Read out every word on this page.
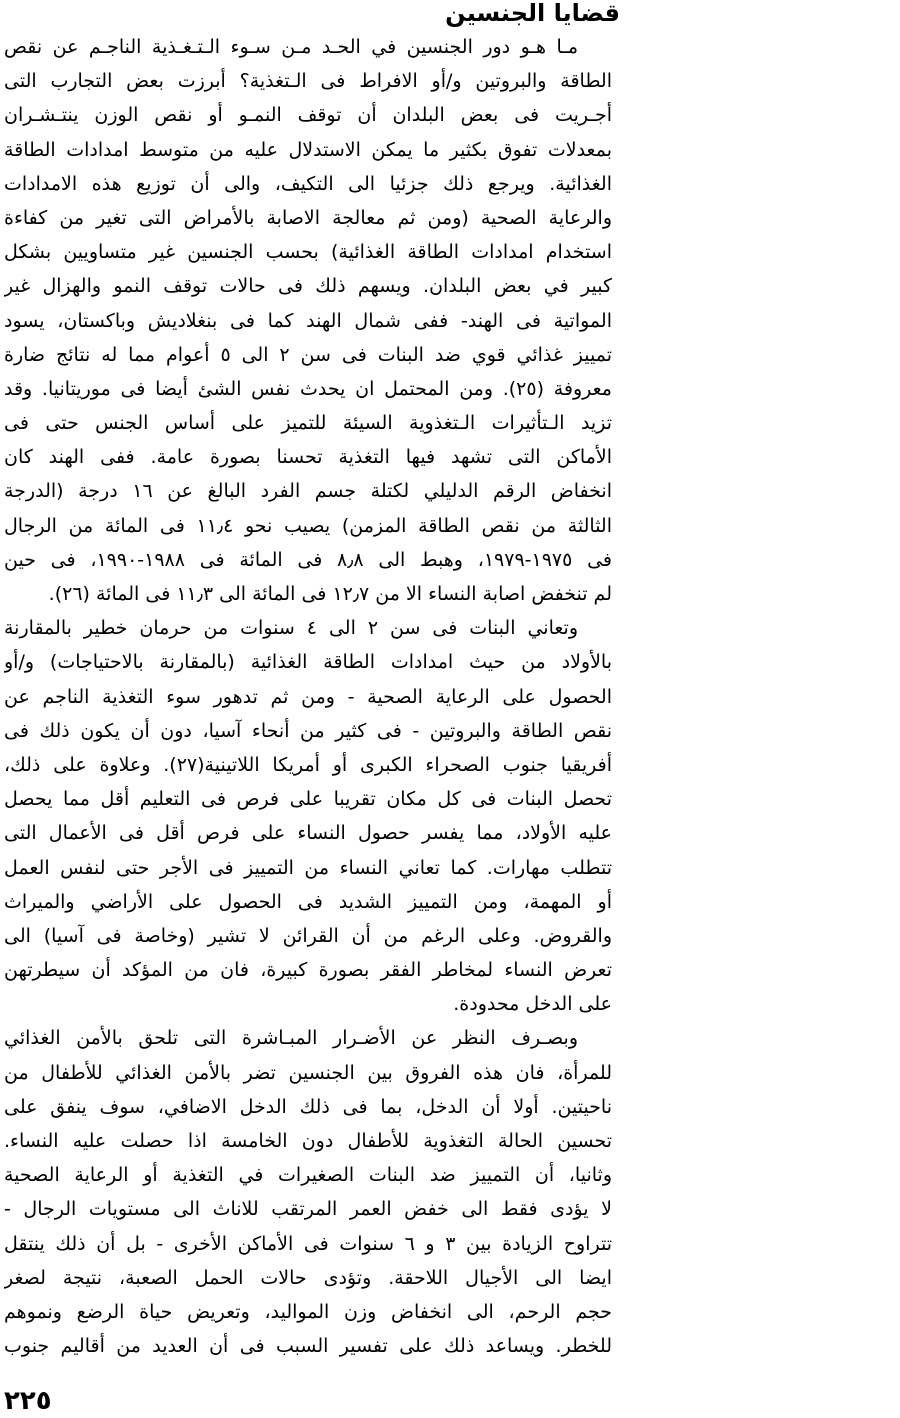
قضايا الجنسين
مـا هـو دور الجنسين في الحـد مـن سـوء الـتـغـذية الناجـم عن نقص
الطاقة والبروتين و/أو الافراط فى الـتغذية؟ أبرزت بعض التجارب التى
أجـريت فى بعض البلدان أن توقف النمـو أو نقص الوزن ينتـشـران
بمعدلات تفوق بكثير ما يمكن الاستدلال عليه من متوسط امدادات الطاقة
الغذائية. ويرجع ذلك جزئيا الى التكيف، والى أن توزيع هذه الامدادات
والرعاية الصحية (ومن ثم معالجة الاصابة بالأمراض التى تغير من كفاءة
استخدام امدادات الطاقة الغذائية) بحسب الجنسين غير متساويين بشكل
كبير في بعض البلدان. ويسهم ذلك فى حالات توقف النمو والهزال غير
المواتية فى الهند- ففى شمال الهند كما فى بنغلاديش وباكستان، يسود
تمييز غذائي قوي ضد البنات فى سن ٢ الى ٥ أعوام مما له نتائج ضارة
معروفة (٢٥). ومن المحتمل ان يحدث نفس الشئ أيضا فى موريتانيا. وقد
تزيد الـتأثيرات الـتغذوية السيئة للتميز على أساس الجنس حتى فى
الأماكن التى تشهد فيها التغذية تحسنا بصورة عامة. ففى الهند كان
انخفاض الرقم الدليلي لكتلة جسم الفرد البالغ عن ١٦ درجة (الدرجة
الثالثة من نقص الطاقة المزمن) يصيب نحو ١١٫٤ فى المائة من الرجال
فى ١٩٧٥-١٩٧٩، وهبط الى ٨٫٨ فى المائة فى ١٩٨٨-١٩٩٠، فى حين
لم تنخفض اصابة النساء الا من ١٢٫٧ فى المائة الى ١١٫٣ فى المائة (٢٦).
وتعاني البنات فى سن ٢ الى ٤ سنوات من حرمان خطير بالمقارنة
بالأولاد من حيث امدادات الطاقة الغذائية (بالمقارنة بالاحتياجات) و/أو
الحصول على الرعاية الصحية - ومن ثم تدهور سوء التغذية الناجم عن
نقص الطاقة والبروتين - فى كثير من أنحاء آسيا، دون أن يكون ذلك فى
أفريقيا جنوب الصحراء الكبرى أو أمريكا اللاتينية(٢٧). وعلاوة على ذلك،
تحصل البنات فى كل مكان تقريبا على فرص فى التعليم أقل مما يحصل
عليه الأولاد، مما يفسر حصول النساء على فرص أقل فى الأعمال التى
تتطلب مهارات. كما تعاني النساء من التمييز فى الأجر حتى لنفس العمل
أو المهمة، ومن التمييز الشديد فى الحصول على الأراضي والميراث
والقروض. وعلى الرغم من أن القرائن لا تشير (وخاصة فى آسيا) الى
تعرض النساء لمخاطر الفقر بصورة كبيرة، فان من المؤكد أن سيطرتهن
على الدخل محدودة.
وبصـرف النظر عن الأضـرار المبـاشرة التى تلحق بالأمن الغذائي
للمرأة، فان هذه الفروق بين الجنسين تضر بالأمن الغذائي للأطفال من
ناحيتين. أولا أن الدخل، بما فى ذلك الدخل الاضافي، سوف ينفق على
تحسين الحالة التغذوية للأطفال دون الخامسة اذا حصلت عليه النساء.
وثانيا، أن التمييز ضد البنات الصغيرات في التغذية أو الرعاية الصحية
لا يؤدى فقط الى خفض العمر المرتقب للاناث الى مستويات الرجال -
تتراوح الزيادة بين ٣ و ٦ سنوات فى الأماكن الأخرى - بل أن ذلك ينتقل
ايضا الى الأجيال اللاحقة. وتؤدى حالات الحمل الصعبة، نتيجة لصغر
حجم الرحم، الى انخفاض وزن المواليد، وتعريض حياة الرضع ونموهم
للخطر. ويساعد ذلك على تفسير السبب فى أن العديد من أقاليم جنوب
٢٢٥
